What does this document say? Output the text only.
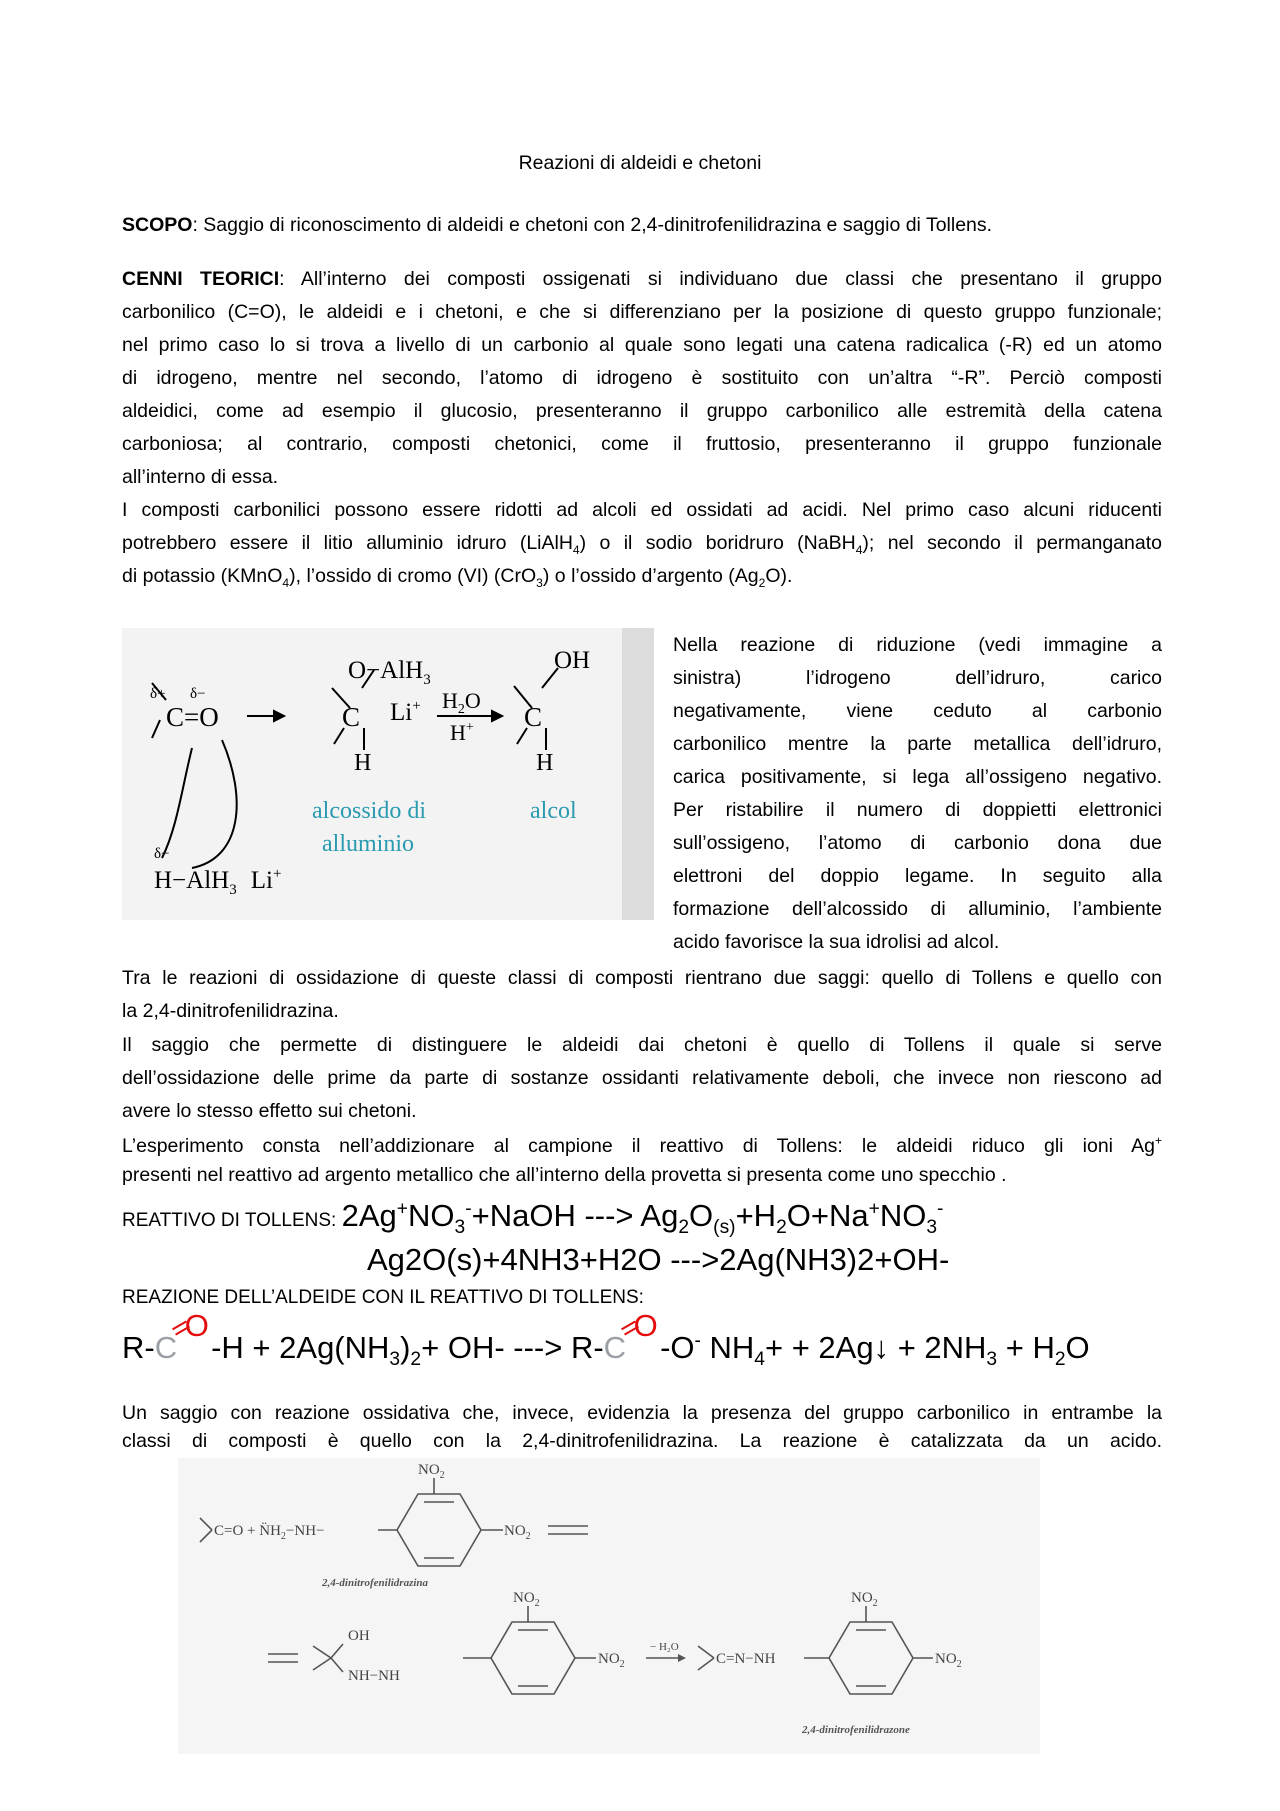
Reazioni di aldeidi e chetoni
SCOPO: Saggio di riconoscimento di aldeidi e chetoni con 2,4-dinitrofenilidrazina e saggio di Tollens.
CENNI TEORICI: All’interno dei composti ossigenati si individuano due classi che presentano il gruppo
carbonilico (C=O), le aldeidi e i chetoni, e che si differenziano per la posizione di questo gruppo funzionale;
nel primo caso lo si trova a livello di un carbonio al quale sono legati una catena radicalica (-R) ed un atomo
di idrogeno, mentre nel secondo, l’atomo di idrogeno è sostituito con un’altra “-R”. Perciò composti
aldeidici, come ad esempio il glucosio, presenteranno il gruppo carbonilico alle estremità della catena
carboniosa; al contrario, composti chetonici, come il fruttosio, presenteranno il gruppo funzionale
all’interno di essa.
I composti carbonilici possono essere ridotti ad alcoli ed ossidati ad acidi. Nel primo caso alcuni riducenti
potrebbero essere il litio alluminio idruro (LiAlH$_4$) o il sodio boridruro (NaBH$_4$); nel secondo il permanganato
di potassio (KMnO$_4$), l’ossido di cromo (VI) (CrO$_3$) o l’ossido d’argento $(Ag_2O)$.
δ+ δ−
C=O
O−AlH$_3$
C Li+
H
$H_2O$
H+
OH
C
H
δ−
H−AlH$_3$ Li+
alcossido di
alluminio
alcol
Nella reazione di riduzione (vedi immagine a
sinistra) l’idrogeno dell’idruro, carico
negativamente, viene ceduto al carbonio
carbonilico mentre la parte metallica dell’idruro,
carica positivamente, si lega all’ossigeno negativo.
Per ristabilire il numero di doppietti elettronici
sull’ossigeno, l’atomo di carbonio dona due
elettroni del doppio legame. In seguito alla
formazione dell’alcossido di alluminio, l’ambiente
acido favorisce la sua idrolisi ad alcol.
Tra le reazioni di ossidazione di queste classi di composti rientrano due saggi: quello di Tollens e quello con
la 2,4-dinitrofenilidrazina.
Il saggio che permette di distinguere le aldeidi dai chetoni è quello di Tollens il quale si serve
dell’ossidazione delle prime da parte di sostanze ossidanti relativamente deboli, che invece non riescono ad
avere lo stesso effetto sui chetoni.
L’esperimento consta nell’addizionare al campione il reattivo di Tollens: le aldeidi riduco gli ioni Ag+
presenti nel reattivo ad argento metallico che all’interno della provetta si presenta come uno specchio .
REATTIVO DI TOLLENS: $2Ag^+NO_3^-+NaOH$ ---> $Ag_2O_{(s)}+H_2O+Na^+NO_3^-$
Ag2O(s)+4NH3+H2O --->2Ag(NH3)2+OH-
REAZIONE DELL’ALDEIDE CON IL REATTIVO DI TOLLENS:
R-C
O
$-H + 2Ag(NH_3)_2+ OH-$ ---> R-C
O
-O- $NH_4+$ + 2Ag↓ + $2NH_3 + H_2O$
Un saggio con reazione ossidativa che, invece, evidenzia la presenza del gruppo carbonilico in entrambe la
classi di composti è quello con la 2,4-dinitrofenilidrazina. La reazione è catalizzata da un acido.
$NO_2$
$C=O + N̈H_2-NH-$	$NO_2$
2,4-dinitrofenilidrazina
$NO_2$
OH
NH−NH
$NO_2$
− H₂O
C=N−NH
$NO_2$
$NO_2$
2,4-dinitrofenilidrazone
